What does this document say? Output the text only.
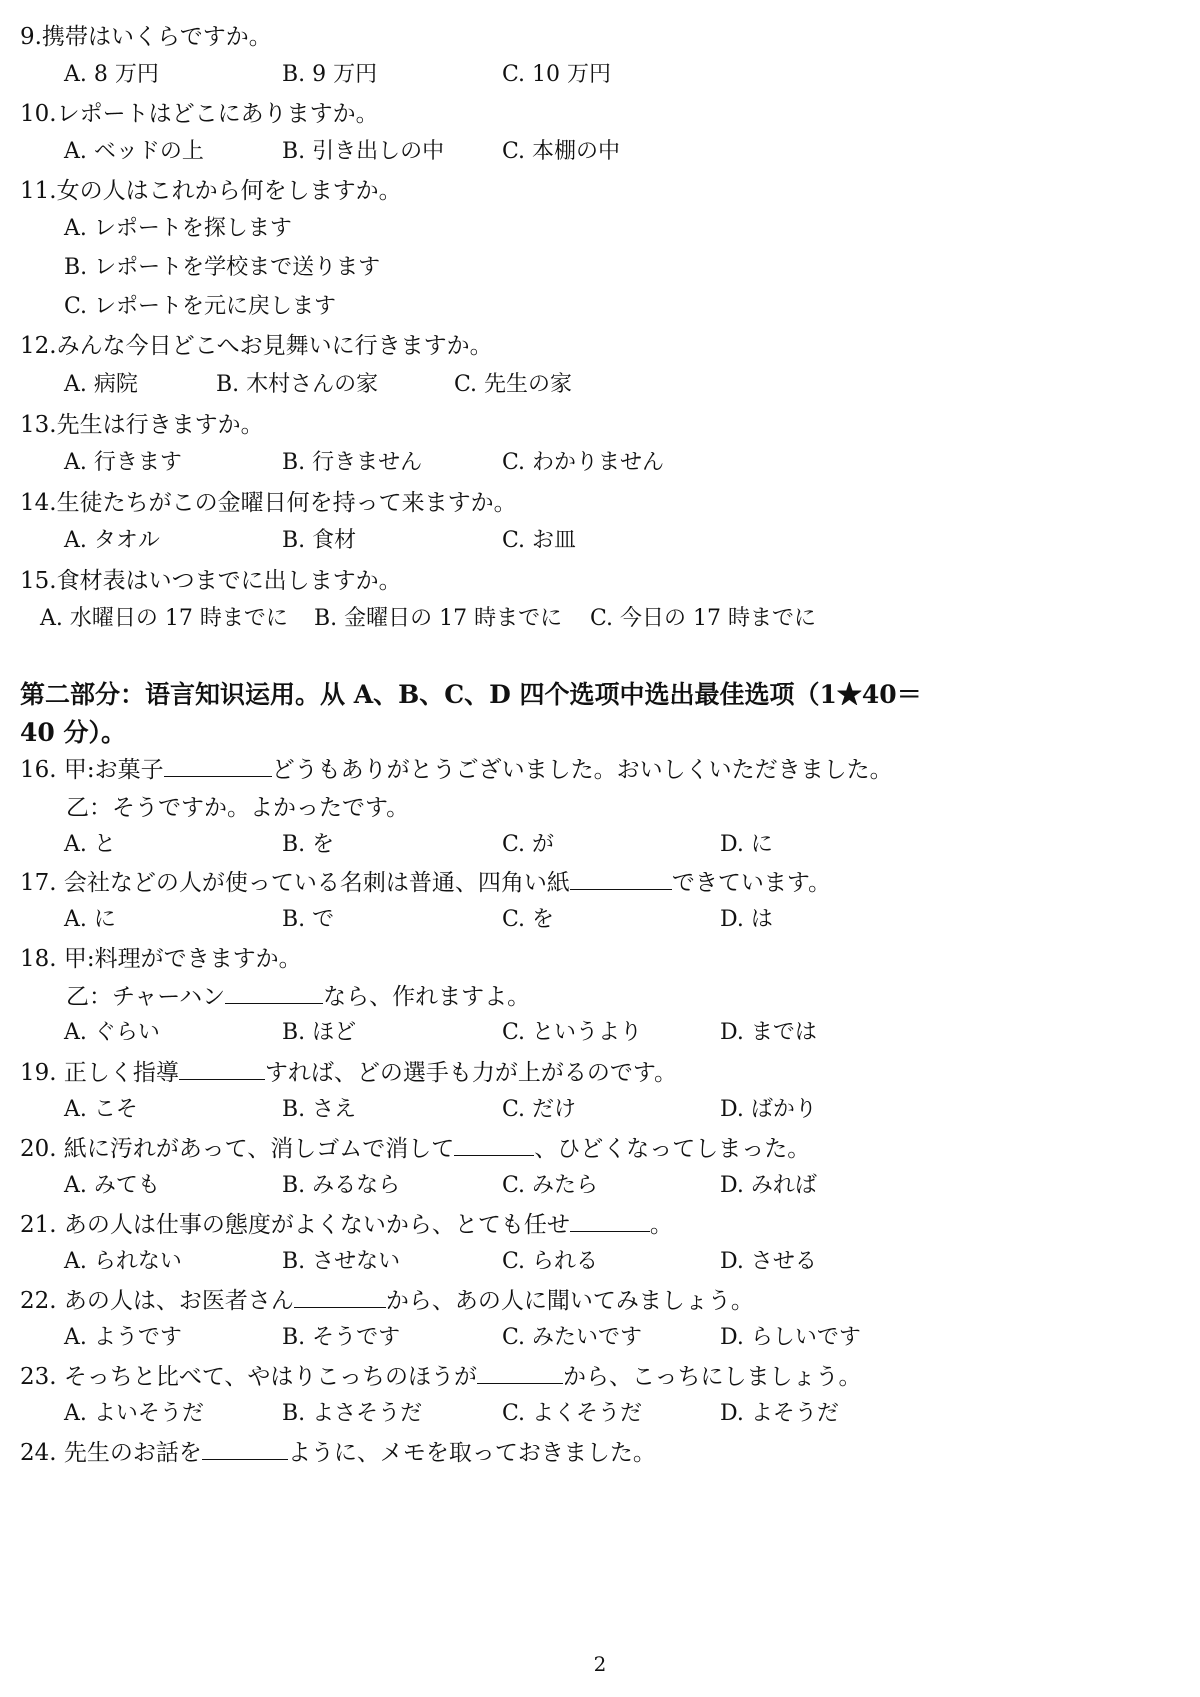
9.携帯はいくらですか。
A. 8 万円	B. 9 万円	C. 10 万円
10.レポートはどこにありますか。
A. ベッドの上	B. 引き出しの中	C. 本棚の中
11.女の人はこれから何をしますか。
A. レポートを探します
B. レポートを学校まで送ります
C. レポートを元に戻します
12.みんな今日どこへお見舞いに行きますか。
A. 病院	B. 木村さんの家	C. 先生の家
13.先生は行きますか。
A. 行きます	B. 行きません	C. わかりません
14.生徒たちがこの金曜日何を持って来ますか。
A. タオル	B. 食材	C. お皿
15.食材表はいつまでに出しますか。
A. 水曜日の 17 時までに B. 金曜日の 17 時までに C. 今日の 17 時までに
第二部分：语言知识运用。从 A、B、C、D 四个选项中选出最佳选项（1★40＝
40 分）。
16. 甲:お菓子	どうもありがとうございました。おいしくいただきました。
乙：そうですか。よかったです。
A. と	B. を	C. が	D. に
17. 会社などの人が使っている名刺は普通、四角い紙	できています。
A. に	B. で	C. を	D. は
18. 甲:料理ができますか。
乙：チャーハン	なら、作れますよ。
A. ぐらい	B. ほど	C. というより	D. までは
19. 正しく指導	すれば、どの選手も力が上がるのです。
A. こそ	B. さえ	C. だけ	D. ばかり
20. 紙に汚れがあって、消しゴムで消して	、ひどくなってしまった。
A. みても	B. みるなら	C. みたら	D. みれば
21. あの人は仕事の態度がよくないから、とても任せ	。
A. られない	B. させない	C. られる	D. させる
22. あの人は、お医者さん	から、あの人に聞いてみましょう。
A. ようです	B. そうです	C. みたいです	D. らしいです
23. そっちと比べて、やはりこっちのほうが	から、こっちにしましょう。
A. よいそうだ	B. よさそうだ	C. よくそうだ	D. よそうだ
24. 先生のお話を	ように、メモを取っておきました。
2
